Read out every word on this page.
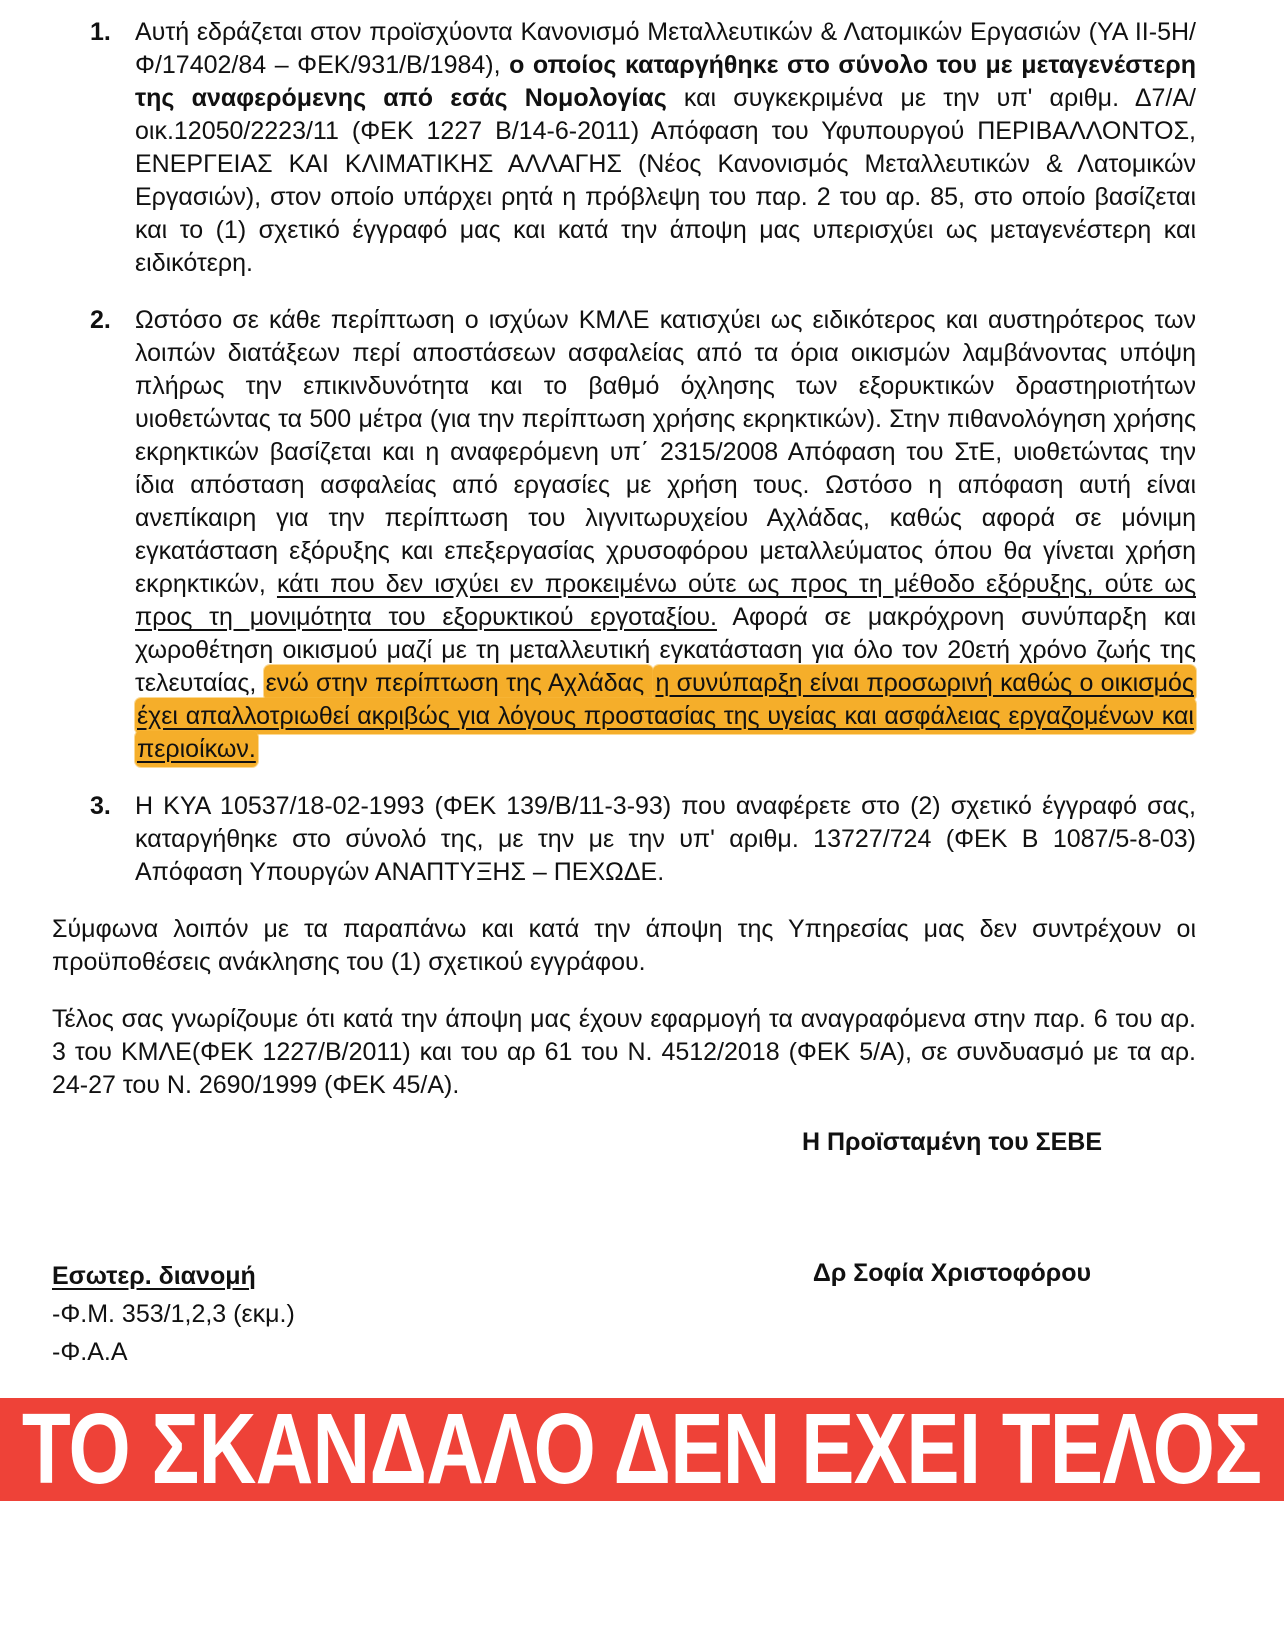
1. Αυτή εδράζεται στον προϊσχύοντα Κανονισμό Μεταλλευτικών & Λατομικών Εργασιών (ΥΑ ΙΙ-5Η/Φ/17402/84 – ΦΕΚ/931/Β/1984), ο οποίος καταργήθηκε στο σύνολο του με μεταγενέστερη της αναφερόμενης από εσάς Νομολογίας και συγκεκριμένα με την υπ' αριθμ. Δ7/Α/οικ.12050/2223/11 (ΦΕΚ 1227 Β/14-6-2011) Απόφαση του Υφυπουργού ΠΕΡΙΒΑΛΛΟΝΤΟΣ, ΕΝΕΡΓΕΙΑΣ ΚΑΙ ΚΛΙΜΑΤΙΚΗΣ ΑΛΛΑΓΗΣ (Νέος Κανονισμός Μεταλλευτικών & Λατομικών Εργασιών), στον οποίο υπάρχει ρητά η πρόβλεψη του παρ. 2 του αρ. 85, στο οποίο βασίζεται και το (1) σχετικό έγγραφό μας και κατά την άποψη μας υπερισχύει ως μεταγενέστερη και ειδικότερη.
2. Ωστόσο σε κάθε περίπτωση ο ισχύων ΚΜΛΕ κατισχύει ως ειδικότερος και αυστηρότερος των λοιπών διατάξεων περί αποστάσεων ασφαλείας από τα όρια οικισμών λαμβάνοντας υπόψη πλήρως την επικινδυνότητα και το βαθμό όχλησης των εξορυκτικών δραστηριοτήτων υιοθετώντας τα 500 μέτρα (για την περίπτωση χρήσης εκρηκτικών). Στην πιθανολόγηση χρήσης εκρηκτικών βασίζεται και η αναφερόμενη υπ΄ 2315/2008 Απόφαση του ΣτΕ, υιοθετώντας την ίδια απόσταση ασφαλείας από εργασίες με χρήση τους. Ωστόσο η απόφαση αυτή είναι ανεπίκαιρη για την περίπτωση του λιγνιτωρυχείου Αχλάδας, καθώς αφορά σε μόνιμη εγκατάσταση εξόρυξης και επεξεργασίας χρυσοφόρου μεταλλεύματος όπου θα γίνεται χρήση εκρηκτικών, κάτι που δεν ισχύει εν προκειμένω ούτε ως προς τη μέθοδο εξόρυξης, ούτε ως προς τη μονιμότητα του εξορυκτικού εργοταξίου. Αφορά σε μακρόχρονη συνύπαρξη και χωροθέτηση οικισμού μαζί με τη μεταλλευτική εγκατάσταση για όλο τον 20ετή χρόνο ζωής της τελευταίας, ενώ στην περίπτωση της Αχλάδας η συνύπαρξη είναι προσωρινή καθώς ο οικισμός έχει απαλλοτριωθεί ακριβώς για λόγους προστασίας της υγείας και ασφάλειας εργαζομένων και περιοίκων.
3. Η ΚΥΑ 10537/18-02-1993 (ΦΕΚ 139/Β/11-3-93) που αναφέρετε στο (2) σχετικό έγγραφό σας, καταργήθηκε στο σύνολό της, με την με την υπ' αριθμ. 13727/724 (ΦΕΚ Β 1087/5-8-03) Απόφαση Υπουργών ΑΝΑΠΤΥΞΗΣ – ΠΕΧΩΔΕ.

Σύμφωνα λοιπόν με τα παραπάνω και κατά την άποψη της Υπηρεσίας μας δεν συντρέχουν οι προϋποθέσεις ανάκλησης του (1) σχετικού εγγράφου.

Τέλος σας γνωρίζουμε ότι κατά την άποψη μας έχουν εφαρμογή τα αναγραφόμενα στην παρ. 6 του αρ. 3 του ΚΜΛΕ(ΦΕΚ 1227/Β/2011) και του αρ 61 του Ν. 4512/2018 (ΦΕΚ 5/Α), σε συνδυασμό με τα αρ. 24-27 του Ν. 2690/1999 (ΦΕΚ 45/Α).

Η Προϊσταμένη του ΣΕΒΕ
Εσωτερ. διανομή
-Φ.Μ. 353/1,2,3 (εκμ.)
-Φ.Α.Α
Δρ Σοφία Χριστοφόρου
ΤΟ ΣΚΑΝΔΑΛΟ ΔΕΝ ΕΧΕΙ ΤΕΛΟΣ
